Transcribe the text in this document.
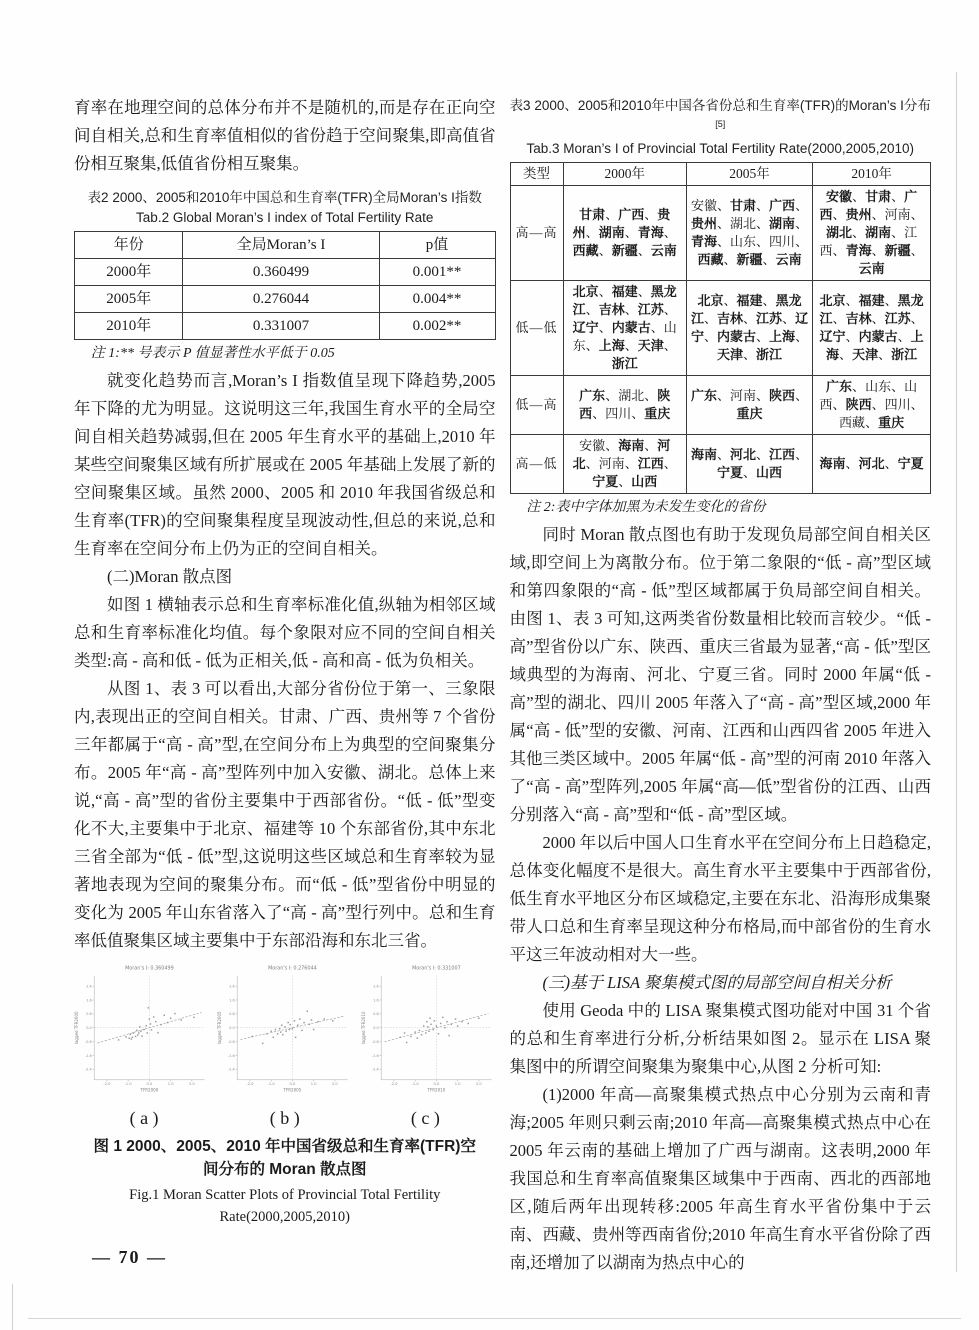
育率在地理空间的总体分布并不是随机的,而是存在正向空间自相关,总和生育率值相似的省份趋于空间聚集,即高值省份相互聚集,低值省份相互聚集。

表2 2000、2005和2010年中国总和生育率(TFR)全局Moran’s I指数
Tab.2 Global Moran’s I index of Total Fertility Rate
年份	全局Moran’s I	p值
2000年	0.360499	0.001**
2005年	0.276044	0.004**
2010年	0.331007	0.002**
注 1:** 号表示 P 值显著性水平低于 0.05

就变化趋势而言,Moran’s I 指数值呈现下降趋势,2005 年下降的尤为明显。这说明这三年,我国生育水平的全局空间自相关趋势减弱,但在 2005 年生育水平的基础上,2010 年某些空间聚集区域有所扩展或在 2005 年基础上发展了新的空间聚集区域。虽然 2000、2005 和 2010 年我国省级总和生育率(TFR)的空间聚集程度呈现波动性,但总的来说,总和生育率在空间分布上仍为正的空间自相关。

(二)Moran 散点图

如图 1 横轴表示总和生育率标准化值,纵轴为相邻区域总和生育率标准化均值。每个象限对应不同的空间自相关类型:高 - 高和低 - 低为正相关,低 - 高和高 - 低为负相关。

从图 1、表 3 可以看出,大部分省份位于第一、三象限内,表现出正的空间自相关。甘肃、广西、贵州等 7 个省份三年都属于“高 - 高”型,在空间分布上为典型的空间聚集分布。2005 年“高 - 高”型阵列中加入安徽、湖北。总体上来说,“高 - 高”型的省份主要集中于西部省份。“低 - 低”型变化不大,主要集中于北京、福建等 10 个东部省份,其中东北三省全部为“低 - 低”型,这说明这些区域总和生育率较为显著地表现为空间的聚集分布。而“低 - 低”型省份中明显的变化为 2005 年山东省落入了“高 - 高”型行列中。总和生育率低值聚集区域主要集中于东部沿海和东北三省。

Moran's I: 0.360499
-2.0	-1.0	0.0	1.0	2.0
-2.4
-1.6
-0.8
0.0
0.8
1.6
2.4
TFR2000
lagged TFR2000
Moran's I: 0.276044
-2.0	-1.0	0.0	1.0	2.0
-2.4
-1.6
-0.8
0.0
0.8
1.6
2.4
TFR2005
lagged TFR2005
Moran's I: 0.331007
-2.0	-1.0	0.0	1.0	2.0
-2.4
-1.6
-0.8
0.0
0.8
1.6
2.4
TFR2010
lagged TFR2010
( a )	( b )	( c )
图 1 2000、2005、2010 年中国省级总和生育率(TFR)空
间分布的 Moran 散点图
Fig.1 Moran Scatter Plots of Provincial Total Fertility
Rate(2000,2005,2010)
表3 2000、2005和2010年中国各省份总和生育率(TFR)的Moran’s I分布[5]
Tab.3 Moran’s I of Provincial Total Fertility Rate(2000,2005,2010)
类型	2000年	2005年	2010年
高—高	甘肃、广西、贵州、湖南、青海、西藏、新疆、云南	安徽、甘肃、广西、贵州、湖北、湖南、青海、山东、四川、西藏、新疆、云南	安徽、甘肃、广西、贵州、河南、湖北、湖南、江西、青海、新疆、云南
低—低	北京、福建、黑龙江、吉林、江苏、辽宁、内蒙古、山东、上海、天津、浙江	北京、福建、黑龙江、吉林、江苏、辽宁、内蒙古、上海、天津、浙江	北京、福建、黑龙江、吉林、江苏、辽宁、内蒙古、上海、天津、浙江
低—高	广东、湖北、陕西、四川、重庆	广东、河南、陕西、重庆	广东、山东、山西、陕西、四川、西藏、重庆
高—低	安徽、海南、河北、河南、江西、宁夏、山西	海南、河北、江西、宁夏、山西	海南、河北、宁夏
注 2:表中字体加黑为未发生变化的省份

同时 Moran 散点图也有助于发现负局部空间自相关区域,即空间上为离散分布。位于第二象限的“低 - 高”型区域和第四象限的“高 - 低”型区域都属于负局部空间自相关。由图 1、表 3 可知,这两类省份数量相比较而言较少。“低 - 高”型省份以广东、陕西、重庆三省最为显著,“高 - 低”型区域典型的为海南、河北、宁夏三省。同时 2000 年属“低 - 高”型的湖北、四川 2005 年落入了“高 - 高”型区域,2000 年属“高 - 低”型的安徽、河南、江西和山西四省 2005 年进入其他三类区域中。2005 年属“低 - 高”型的河南 2010 年落入了“高 - 高”型阵列,2005 年属“高—低”型省份的江西、山西分别落入“高 - 高”型和“低 - 高”型区域。

2000 年以后中国人口生育水平在空间分布上日趋稳定,总体变化幅度不是很大。高生育水平主要集中于西部省份,低生育水平地区分布区域稳定,主要在东北、沿海形成集聚带人口总和生育率呈现这种分布格局,而中部省份的生育水平这三年波动相对大一些。

(三)基于 LISA 聚集模式图的局部空间自相关分析

使用 Geoda 中的 LISA 聚集模式图功能对中国 31 个省的总和生育率进行分析,分析结果如图 2。显示在 LISA 聚集图中的所谓空间聚集为聚集中心,从图 2 分析可知:

(1)2000 年高—高聚集模式热点中心分别为云南和青海;2005 年则只剩云南;2010 年高—高聚集模式热点中心在 2005 年云南的基础上增加了广西与湖南。这表明,2000 年我国总和生育率高值聚集区域集中于西南、西北的西部地区,随后两年出现转移:2005 年高生育水平省份集中于云南、西藏、贵州等西南省份;2010 年高生育水平省份除了西南,还增加了以湖南为热点中心的

— 70 —
